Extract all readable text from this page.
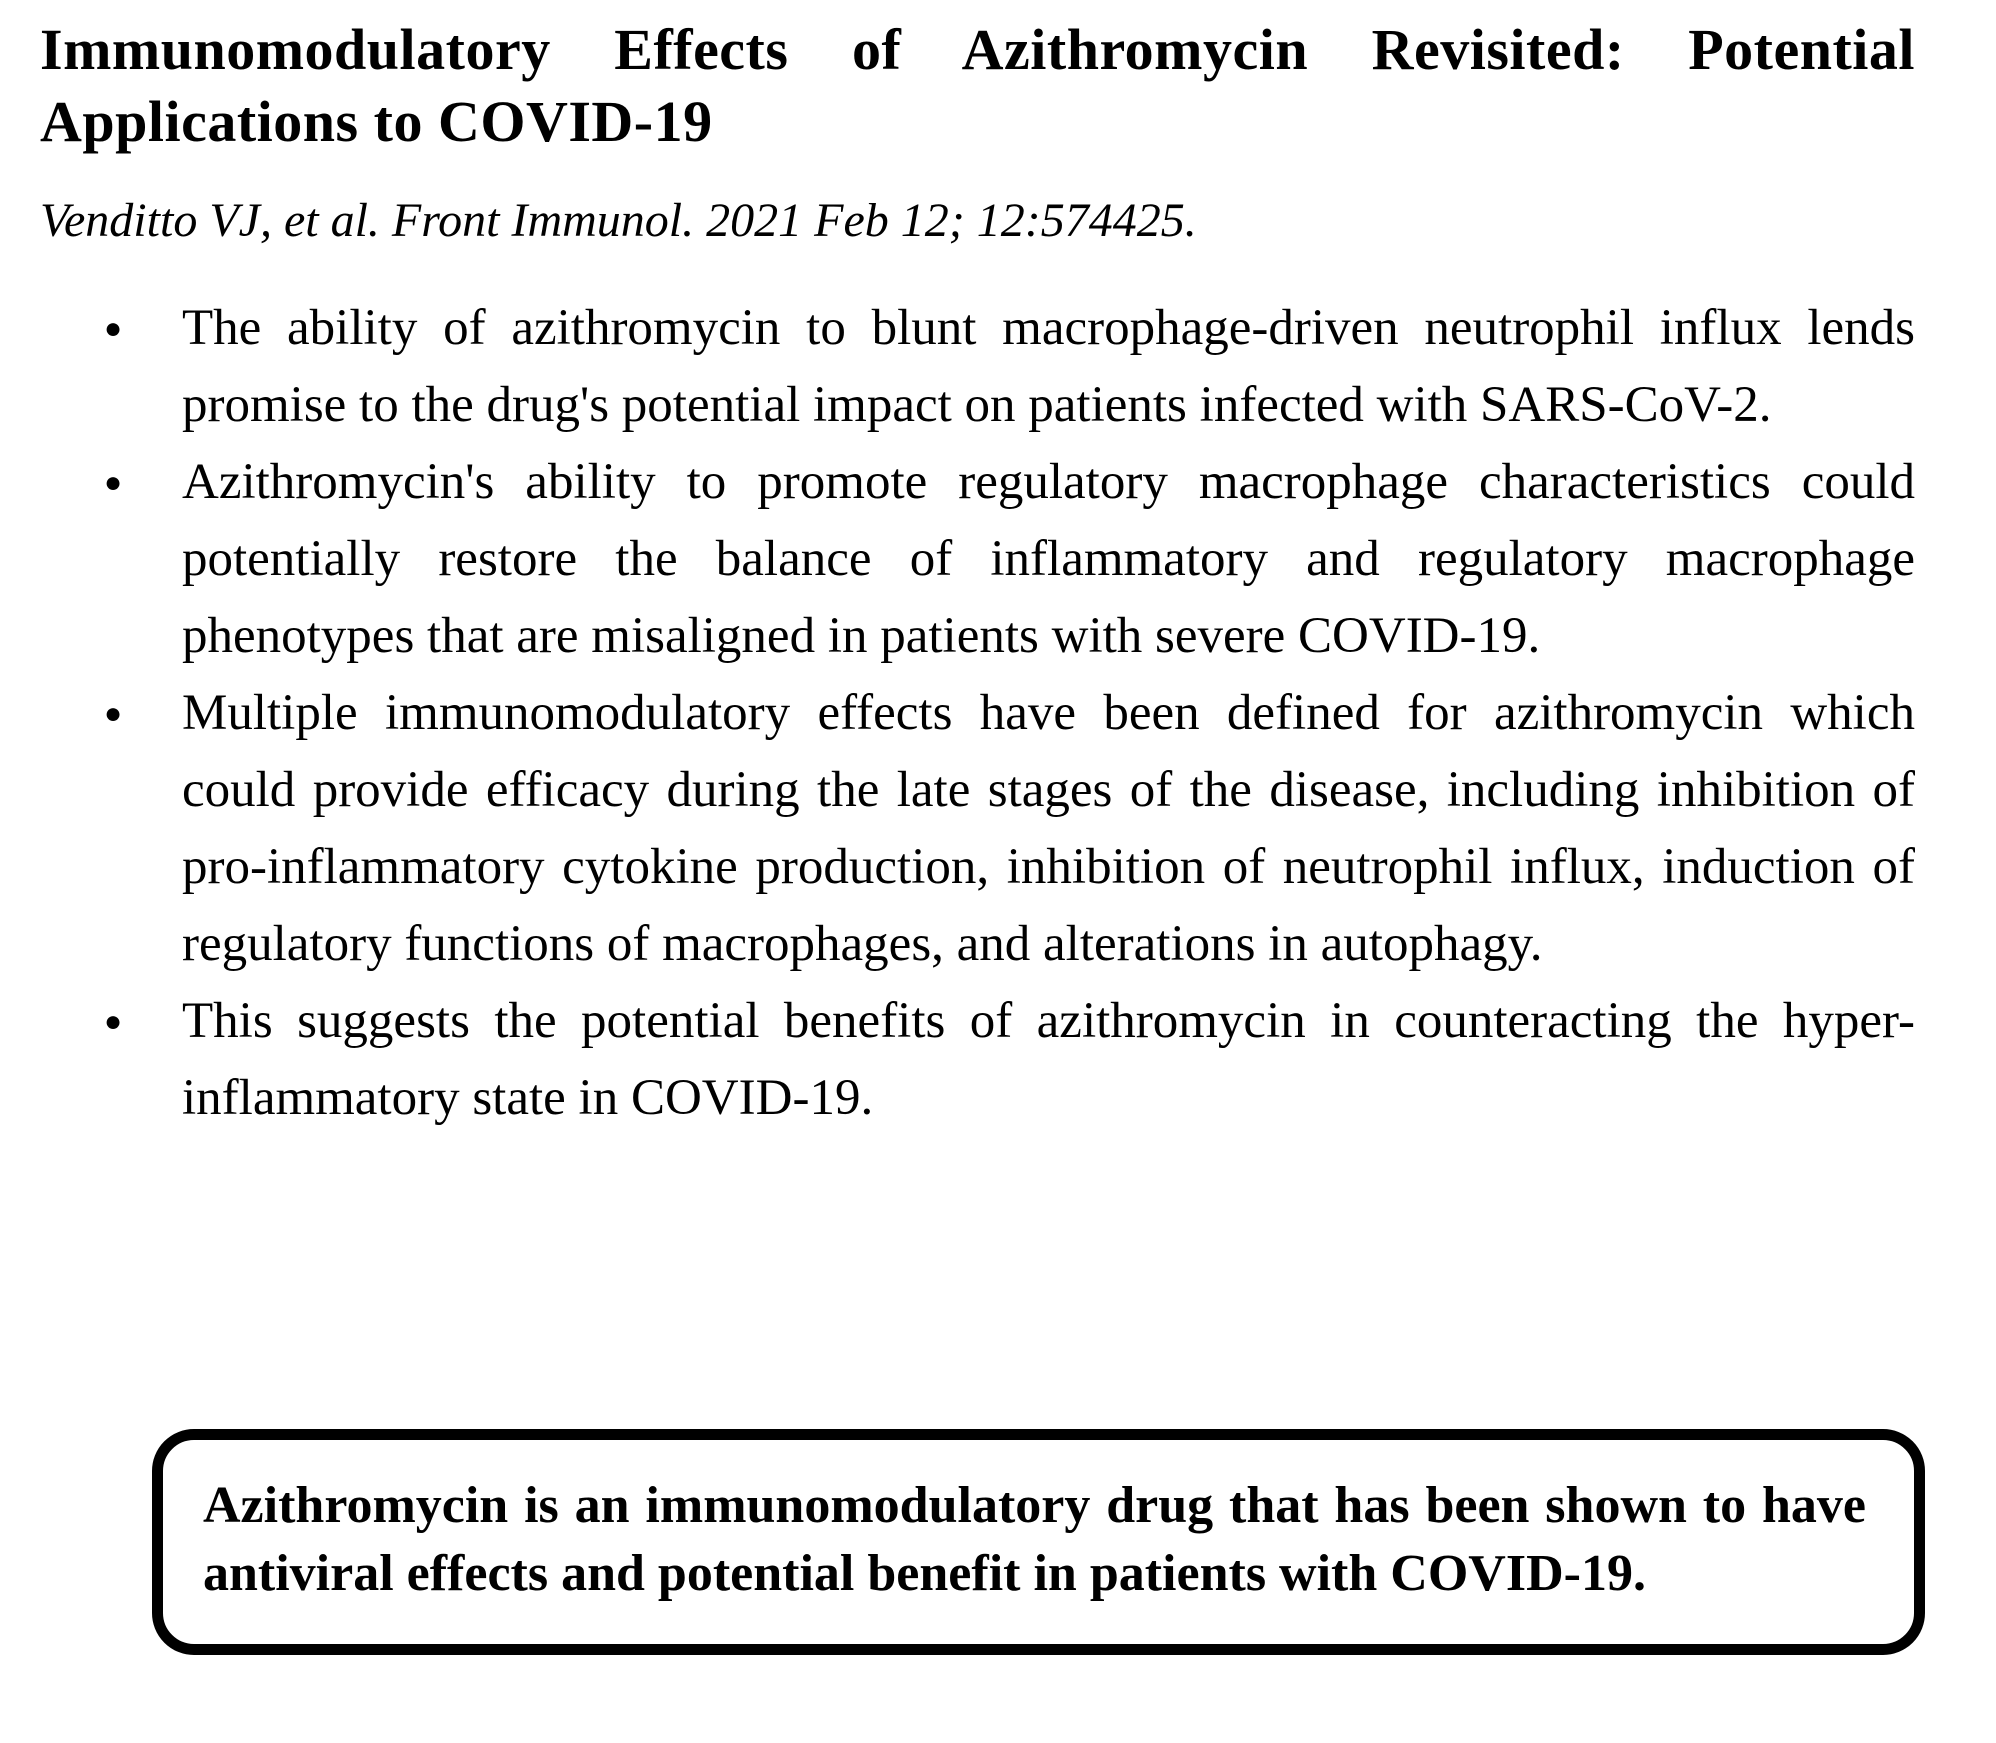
Immunomodulatory Effects of Azithromycin Revisited: Potential Applications to COVID-19

Venditto VJ, et al. Front Immunol. 2021 Feb 12; 12:574425.

● The ability of azithromycin to blunt macrophage-driven neutrophil influx lends promise to the drug's potential impact on patients infected with SARS-CoV-2.
● Azithromycin's ability to promote regulatory macrophage characteristics could potentially restore the balance of inflammatory and regulatory macrophage phenotypes that are misaligned in patients with severe COVID-19.
● Multiple immunomodulatory effects have been defined for azithromycin which could provide efficacy during the late stages of the disease, including inhibition of pro-inflammatory cytokine production, inhibition of neutrophil influx, induction of regulatory functions of macrophages, and alterations in autophagy.
● This suggests the potential benefits of azithromycin in counteracting the hyper-inflammatory state in COVID-19.

Azithromycin is an immunomodulatory drug that has been shown to have antiviral effects and potential benefit in patients with COVID-19.
